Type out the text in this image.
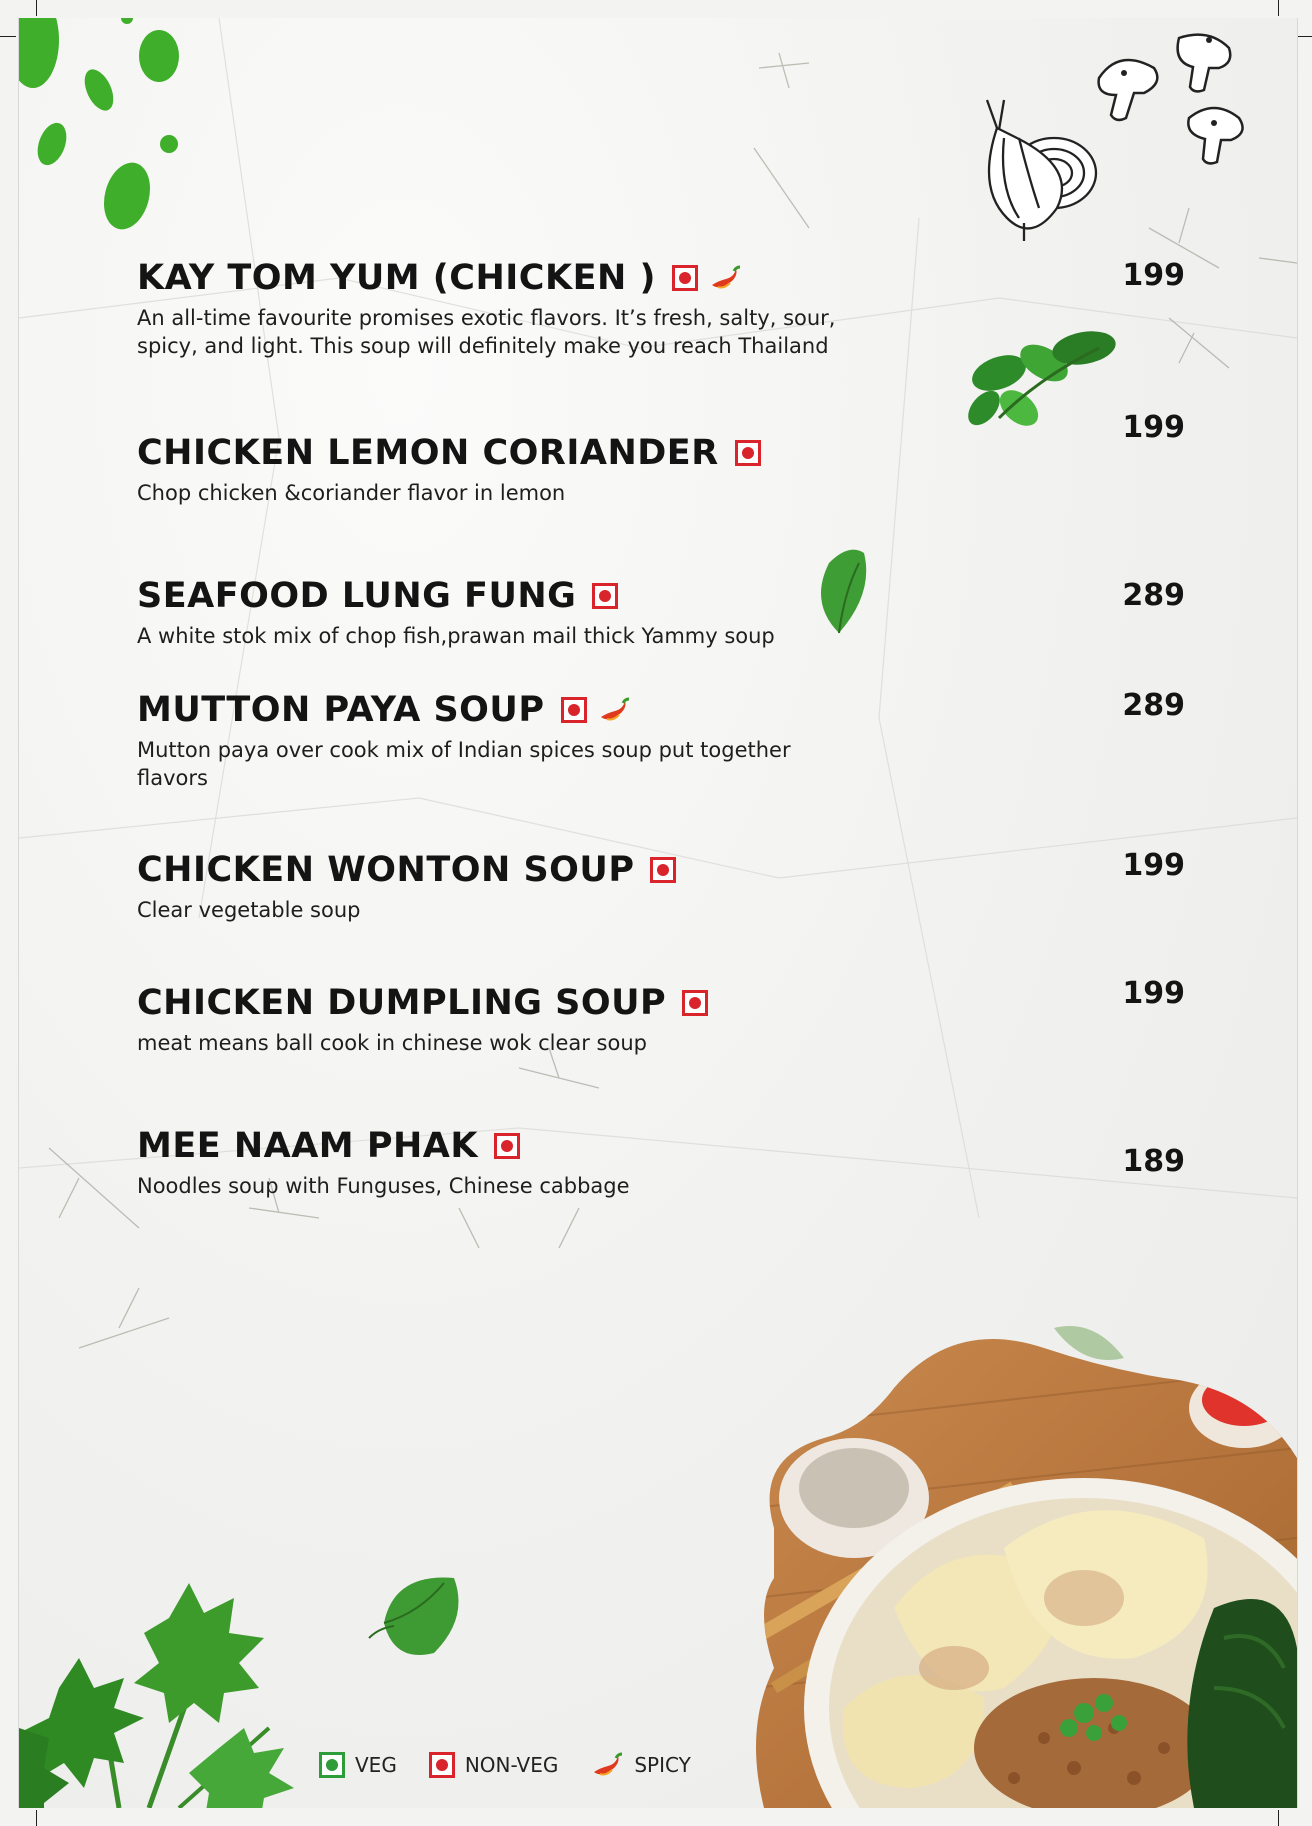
KAY TOM YUM (CHICKEN )
An all-time favourite promises exotic flavors. It’s fresh, salty, sour, spicy, and light. This soup will definitely make you reach Thailand
199
CHICKEN LEMON CORIANDER
Chop chicken &coriander flavor in lemon
199
SEAFOOD LUNG FUNG
A white stok mix of chop fish,prawan mail thick Yammy soup
289
MUTTON PAYA SOUP
Mutton paya over cook mix of Indian spices soup put together flavors
289
CHICKEN WONTON SOUP
Clear vegetable soup
199
CHICKEN DUMPLING SOUP
meat means ball cook in chinese wok clear soup
199
MEE NAAM PHAK
Noodles soup with Funguses, Chinese cabbage
189
VEG	NON-VEG	SPICY
